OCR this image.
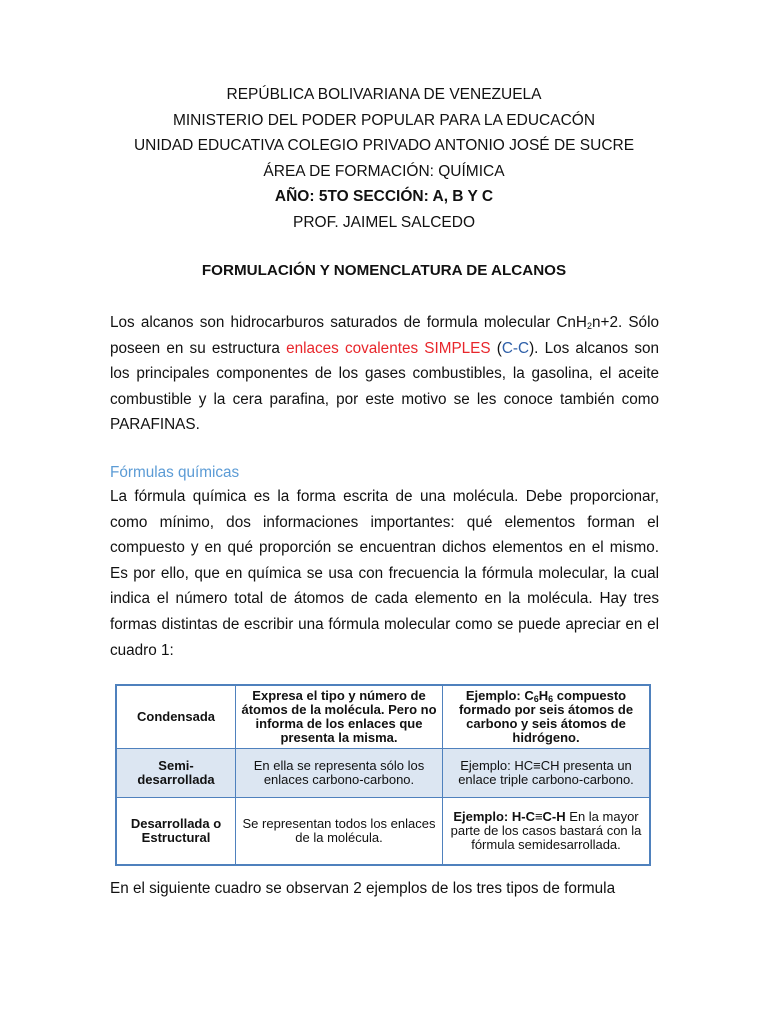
REPÚBLICA BOLIVARIANA DE VENEZUELA
MINISTERIO DEL PODER POPULAR PARA LA EDUCACÓN
UNIDAD EDUCATIVA COLEGIO PRIVADO ANTONIO JOSÉ DE SUCRE
ÁREA DE FORMACIÓN: QUÍMICA
AÑO: 5TO SECCIÓN: A, B Y C
PROF. JAIMEL SALCEDO
FORMULACIÓN Y NOMENCLATURA DE ALCANOS
Los alcanos son hidrocarburos saturados de formula molecular CnH$_2$n+2. Sólo poseen en su estructura enlaces covalentes SIMPLES (C-C). Los alcanos son los principales componentes de los gases combustibles, la gasolina, el aceite combustible y la cera parafina, por este motivo se les conoce también como PARAFINAS.
Fórmulas químicas
La fórmula química es la forma escrita de una molécula. Debe proporcionar, como mínimo, dos informaciones importantes: qué elementos forman el compuesto y en qué proporción se encuentran dichos elementos en el mismo. Es por ello, que en química se usa con frecuencia la fórmula molecular, la cual indica el número total de átomos de cada elemento en la molécula. Hay tres formas distintas de escribir una fórmula molecular como se puede apreciar en el cuadro 1:
Condensada	Expresa el tipo y número de átomos de la molécula. Pero no informa de los enlaces que presenta la misma.	Ejemplo: $C_6H_6$ compuesto formado por seis átomos de carbono y seis átomos de hidrógeno.
Semi-desarrollada	En ella se representa sólo los enlaces carbono-carbono.	Ejemplo: HC≡CH presenta un enlace triple carbono-carbono.
Desarrollada o Estructural	Se representan todos los enlaces de la molécula.	Ejemplo: H-C≡C-H En la mayor parte de los casos bastará con la fórmula semidesarrollada.
En el siguiente cuadro se observan 2 ejemplos de los tres tipos de formula
